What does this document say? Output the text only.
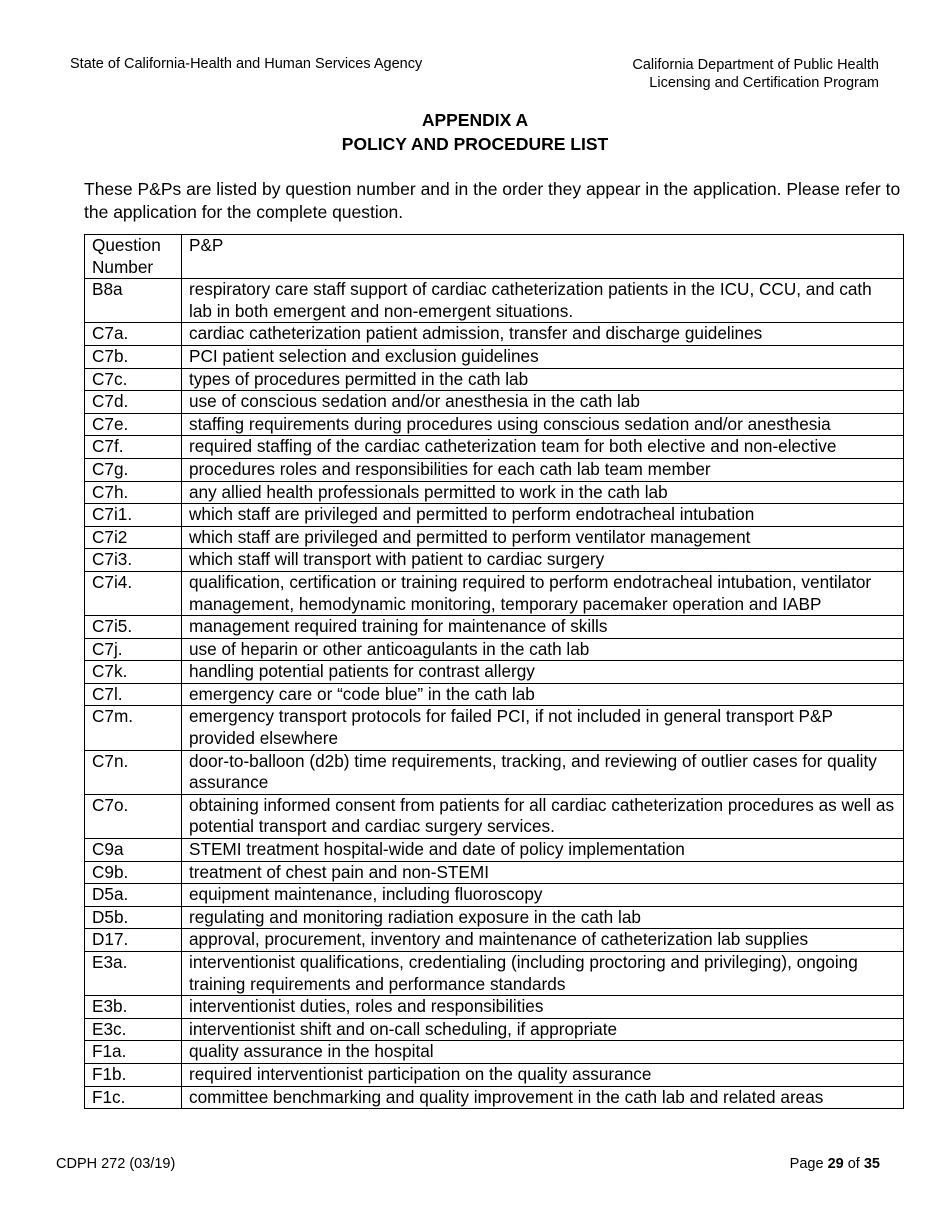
State of California-Health and Human Services Agency	California Department of Public Health
Licensing and Certification Program
APPENDIX A
POLICY AND PROCEDURE LIST
These P&Ps are listed by question number and in the order they appear in the application. Please refer to the application for the complete question.
Question Number	P&P
B8a	respiratory care staff support of cardiac catheterization patients in the ICU, CCU, and cath lab in both emergent and non-emergent situations.
C7a.	cardiac catheterization patient admission, transfer and discharge guidelines
C7b.	PCI patient selection and exclusion guidelines
C7c.	types of procedures permitted in the cath lab
C7d.	use of conscious sedation and/or anesthesia in the cath lab
C7e.	staffing requirements during procedures using conscious sedation and/or anesthesia
C7f.	required staffing of the cardiac catheterization team for both elective and non-elective
C7g.	procedures roles and responsibilities for each cath lab team member
C7h.	any allied health professionals permitted to work in the cath lab
C7i1.	which staff are privileged and permitted to perform endotracheal intubation
C7i2	which staff are privileged and permitted to perform ventilator management
C7i3.	which staff will transport with patient to cardiac surgery
C7i4.	qualification, certification or training required to perform endotracheal intubation, ventilator management, hemodynamic monitoring, temporary pacemaker operation and IABP
C7i5.	management required training for maintenance of skills
C7j.	use of heparin or other anticoagulants in the cath lab
C7k.	handling potential patients for contrast allergy
C7l.	emergency care or “code blue” in the cath lab
C7m.	emergency transport protocols for failed PCI, if not included in general transport P&P provided elsewhere
C7n.	door-to-balloon (d2b) time requirements, tracking, and reviewing of outlier cases for quality assurance
C7o.	obtaining informed consent from patients for all cardiac catheterization procedures as well as potential transport and cardiac surgery services.
C9a	STEMI treatment hospital-wide and date of policy implementation
C9b.	treatment of chest pain and non-STEMI
D5a.	equipment maintenance, including fluoroscopy
D5b.	regulating and monitoring radiation exposure in the cath lab
D17.	approval, procurement, inventory and maintenance of catheterization lab supplies
E3a.	interventionist qualifications, credentialing (including proctoring and privileging), ongoing training requirements and performance standards
E3b.	interventionist duties, roles and responsibilities
E3c.	interventionist shift and on-call scheduling, if appropriate
F1a.	quality assurance in the hospital
F1b.	required interventionist participation on the quality assurance
F1c.	committee benchmarking and quality improvement in the cath lab and related areas
CDPH 272 (03/19)	Page 29 of 35
